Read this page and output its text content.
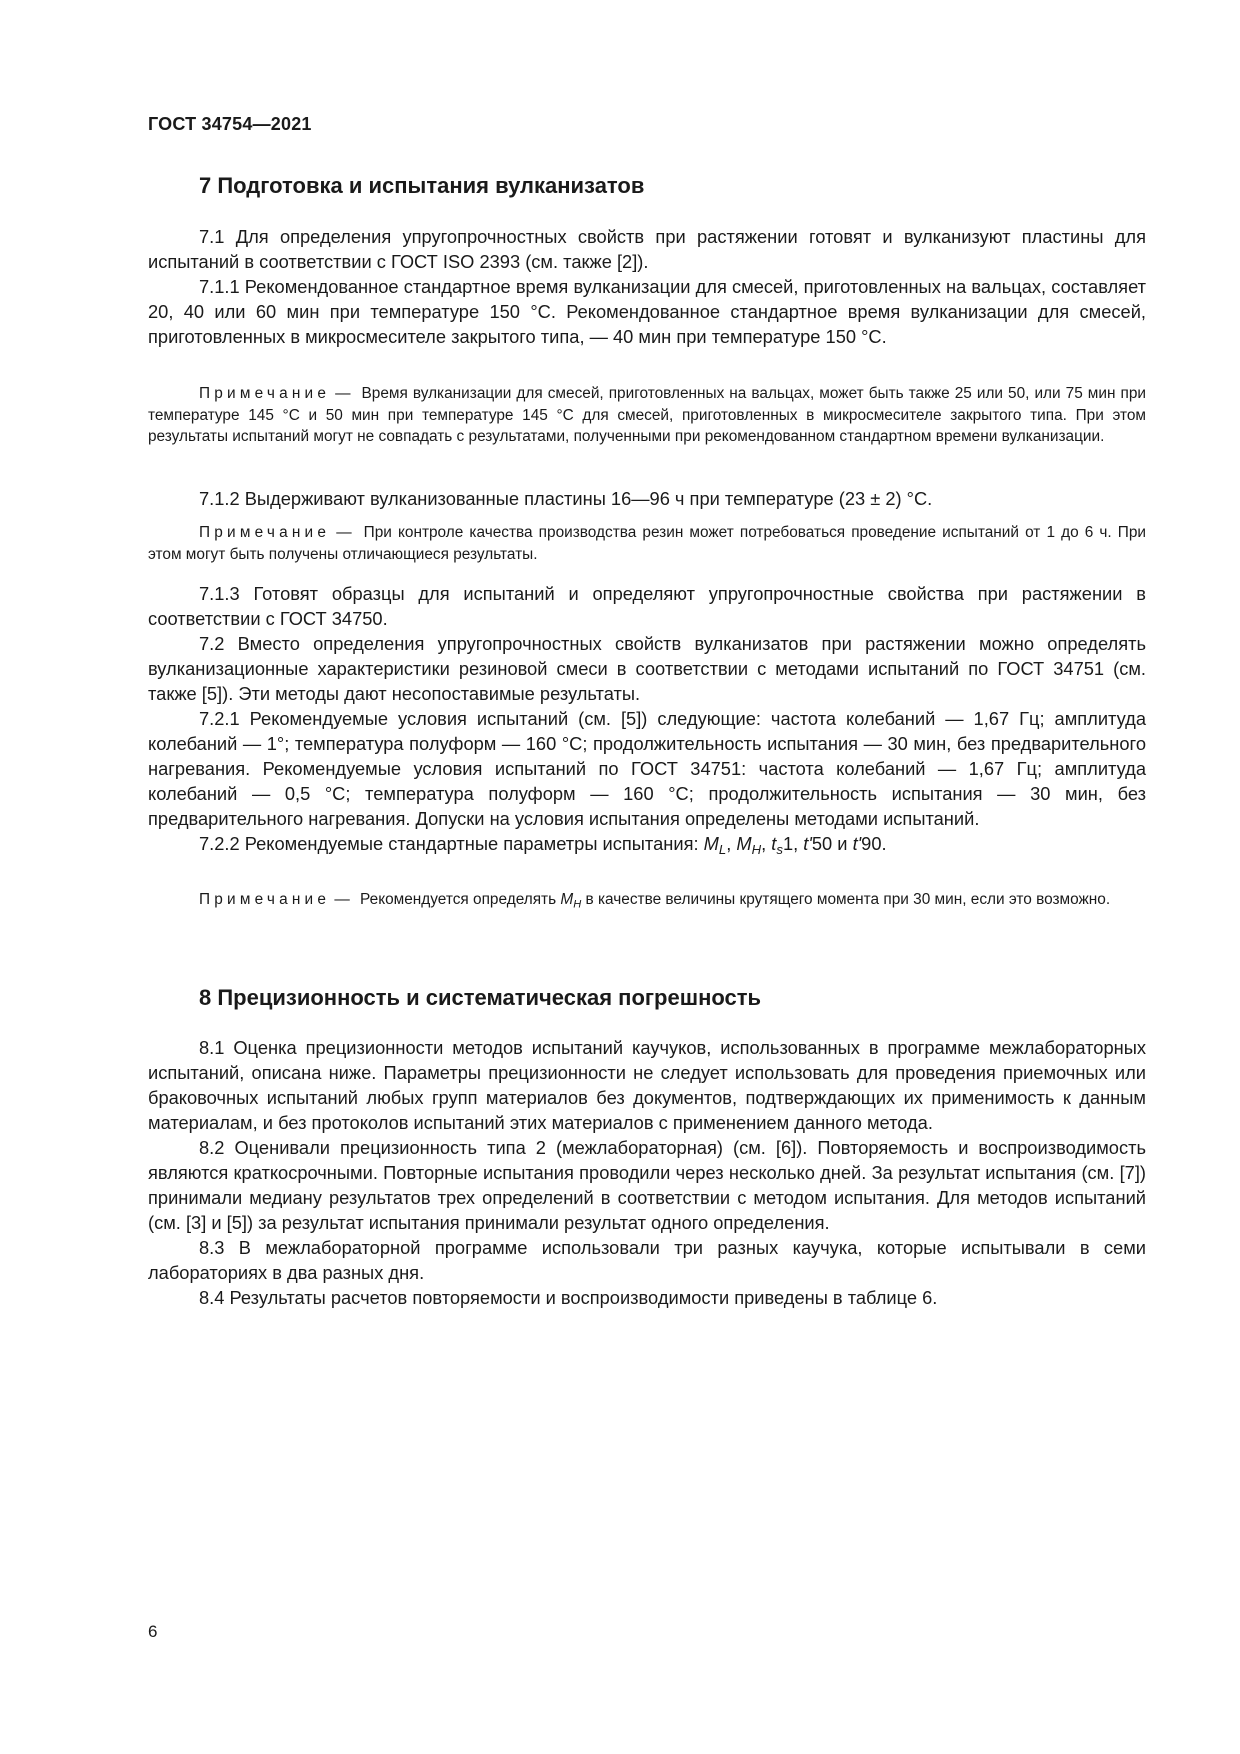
ГОСТ 34754—2021
7 Подготовка и испытания вулканизатов

7.1 Для определения упругопрочностных свойств при растяжении готовят и вулканизуют пластины для испытаний в соответствии с ГОСТ ISO 2393 (см. также [2]).

7.1.1 Рекомендованное стандартное время вулканизации для смесей, приготовленных на вальцах, составляет 20, 40 или 60 мин при температуре 150 °С. Рекомендованное стандартное время вулканизации для смесей, приготовленных в микросмесителе закрытого типа, — 40 мин при температуре 150 °С.

Примечание — Время вулканизации для смесей, приготовленных на вальцах, может быть также 25 или 50, или 75 мин при температуре 145 °С и 50 мин при температуре 145 °С для смесей, приготовленных в микросмесителе закрытого типа. При этом результаты испытаний могут не совпадать с результатами, полученными при рекомендованном стандартном времени вулканизации.

7.1.2 Выдерживают вулканизованные пластины 16—96 ч при температуре (23 ± 2) °С.

Примечание — При контроле качества производства резин может потребоваться проведение испытаний от 1 до 6 ч. При этом могут быть получены отличающиеся результаты.

7.1.3 Готовят образцы для испытаний и определяют упругопрочностные свойства при растяжении в соответствии с ГОСТ 34750.

7.2 Вместо определения упругопрочностных свойств вулканизатов при растяжении можно определять вулканизационные характеристики резиновой смеси в соответствии с методами испытаний по ГОСТ 34751 (см. также [5]). Эти методы дают несопоставимые результаты.

7.2.1 Рекомендуемые условия испытаний (см. [5]) следующие: частота колебаний — 1,67 Гц; амплитуда колебаний — 1°; температура полуформ — 160 °С; продолжительность испытания — 30 мин, без предварительного нагревания. Рекомендуемые условия испытаний по ГОСТ 34751: частота колебаний — 1,67 Гц; амплитуда колебаний — 0,5 °С; температура полуформ — 160 °С; продолжительность испытания — 30 мин, без предварительного нагревания. Допуски на условия испытания определены методами испытаний.

7.2.2 Рекомендуемые стандартные параметры испытания: $M_L$, $M_H$, $t_s1$, t'50 и t'90.

Примечание — Рекомендуется определять $M_H$ в качестве величины крутящего момента при 30 мин, если это возможно.

8 Прецизионность и систематическая погрешность

8.1 Оценка прецизионности методов испытаний каучуков, использованных в программе межлабораторных испытаний, описана ниже. Параметры прецизионности не следует использовать для проведения приемочных или браковочных испытаний любых групп материалов без документов, подтверждающих их применимость к данным материалам, и без протоколов испытаний этих материалов с применением данного метода.

8.2 Оценивали прецизионность типа 2 (межлабораторная) (см. [6]). Повторяемость и воспроизводимость являются краткосрочными. Повторные испытания проводили через несколько дней. За результат испытания (см. [7]) принимали медиану результатов трех определений в соответствии с методом испытания. Для методов испытаний (см. [3] и [5]) за результат испытания принимали результат одного определения.

8.3 В межлабораторной программе использовали три разных каучука, которые испытывали в семи лабораториях в два разных дня.

8.4 Результаты расчетов повторяемости и воспроизводимости приведены в таблице 6.

6
